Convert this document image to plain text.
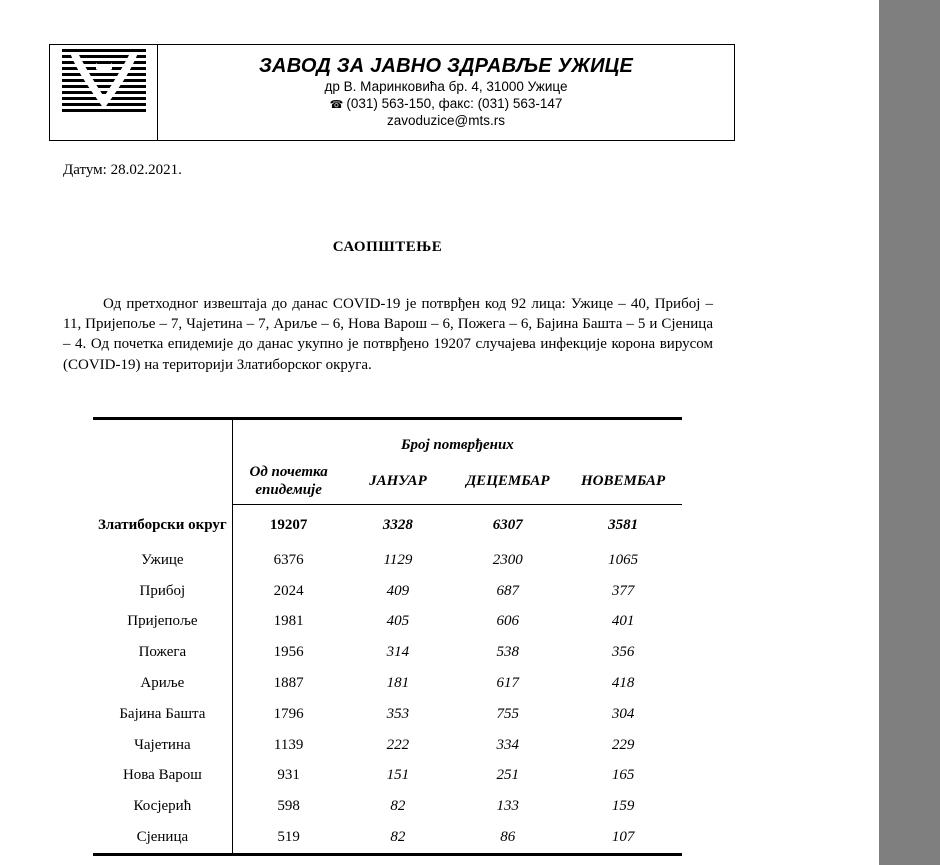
ЗАВОД ЗА ЈАВНО ЗДРАВЉЕ УЖИЦЕ
др В. Маринковића бр. 4, 31000 Ужице
☎ (031) 563-150, факс: (031) 563-147
zavoduzice@mts.rs
Датум: 28.02.2021.
САОПШТЕЊЕ
Од претходног извештаја до данас COVID-19 је потврђен код 92 лица: Ужице – 40, Прибој – 11, Пријепоље – 7, Чајетина – 7, Ариље – 6, Нова Варош – 6, Пожега – 6, Бајина Башта – 5 и Сјеница – 4. Од почетка епидемије до данас укупно је потврђено 19207 случајева инфекције корона вирусом (COVID-19) на територији Златиборског округа.
	Број потврђених			
	Од почетка епидемије	ЈАНУАР	ДЕЦЕМБАР	НОВЕМБАР
Златиборски округ	19207	3328	6307	3581
Ужице	6376	1129	2300	1065
Прибој	2024	409	687	377
Пријепоље	1981	405	606	401
Пожега	1956	314	538	356
Ариље	1887	181	617	418
Бајина Башта	1796	353	755	304
Чајетина	1139	222	334	229
Нова Варош	931	151	251	165
Косјерић	598	82	133	159
Сјеница	519	82	86	107
